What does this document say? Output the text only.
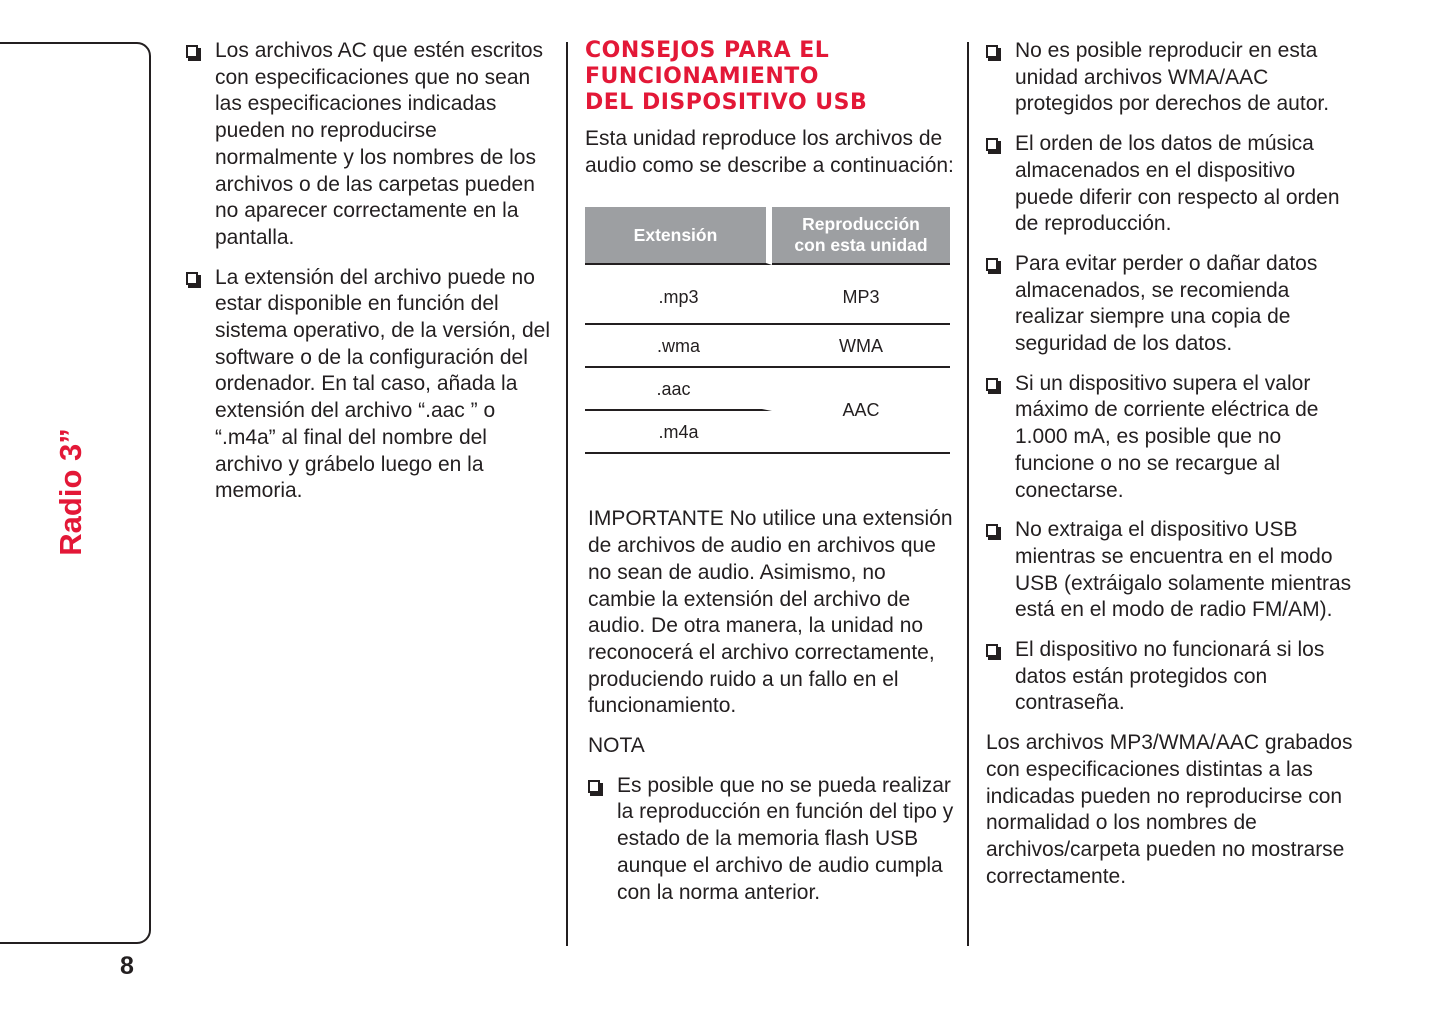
Radio 3”
8
Los archivos AC que estén escritos con especificaciones que no sean las especificaciones indicadas pueden no reproducirse normalmente y los nombres de los archivos o de las carpetas pueden no aparecer correctamente en la pantalla.
La extensión del archivo puede no estar disponible en función del sistema operativo, de la versión, del software o de la configuración del ordenador. En tal caso, añada la extensión del archivo “.aac ” o “.m4a” al final del nombre del archivo y grábelo luego en la memoria.
CONSEJOS PARA EL
FUNCIONAMIENTO
DEL DISPOSITIVO USB

Esta unidad reproduce los archivos de audio como se describe a continuación:

Extensión	Reproducción
con esta unidad
.mp3	MP3
.wma	WMA
.aac	AAC
.m4a	

IMPORTANTE No utilice una extensión de archivos de audio en archivos que no sean de audio. Asimismo, no cambie la extensión del archivo de audio. De otra manera, la unidad no reconocerá el archivo correctamente, produciendo ruido a un fallo en el funcionamiento.

NOTA

Es posible que no se pueda realizar la reproducción en función del tipo y estado de la memoria flash USB aunque el archivo de audio cumpla con la norma anterior.
No es posible reproducir en esta unidad archivos WMA/AAC protegidos por derechos de autor.
El orden de los datos de música almacenados en el dispositivo puede diferir con respecto al orden de reproducción.
Para evitar perder o dañar datos almacenados, se recomienda realizar siempre una copia de seguridad de los datos.
Si un dispositivo supera el valor máximo de corriente eléctrica de 1.000 mA, es posible que no funcione o no se recargue al conectarse.
No extraiga el dispositivo USB mientras se encuentra en el modo USB (extráigalo solamente mientras está en el modo de radio FM/AM).
El dispositivo no funcionará si los datos están protegidos con contraseña.

Los archivos MP3/WMA/AAC grabados con especificaciones distintas a las indicadas pueden no reproducirse con normalidad o los nombres de archivos/carpeta pueden no mostrarse correctamente.
